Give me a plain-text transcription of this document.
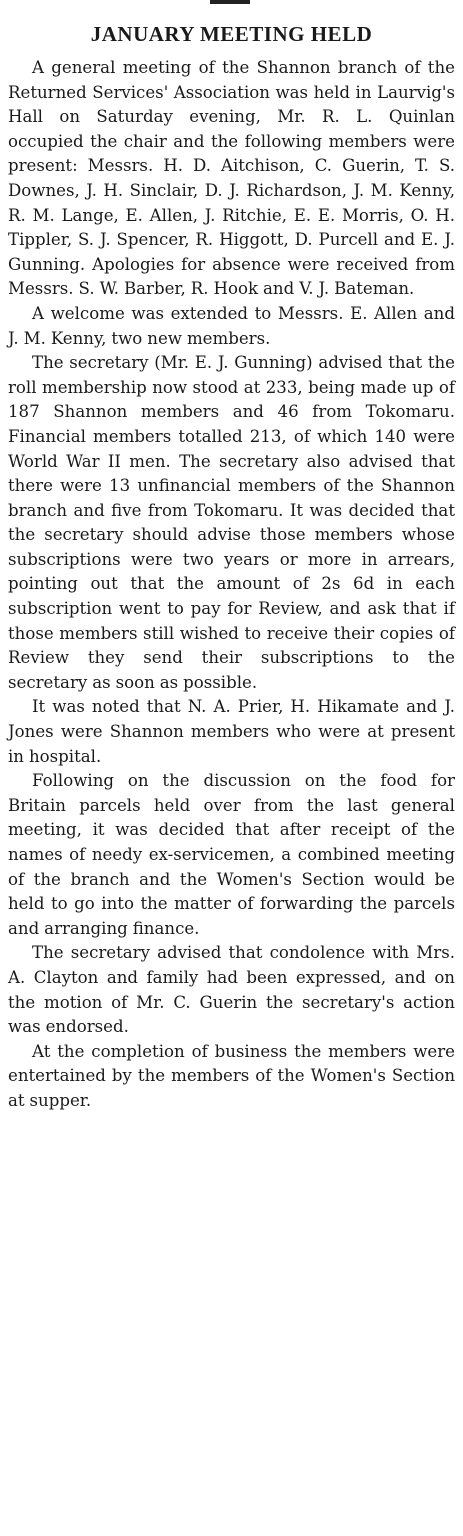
JANUARY MEETING HELD

A general meeting of the Shannon branch of the Returned Services' Association was held in Laurvig's Hall on Saturday evening, Mr. R. L. Quinlan occupied the chair and the following members were present: Messrs. H. D. Aitchison, C. Guerin, T. S. Downes, J. H. Sinclair, D. J. Richardson, J. M. Kenny, R. M. Lange, E. Allen, J. Ritchie, E. E. Morris, O. H. Tippler, S. J. Spencer, R. Higgott, D. Purcell and E. J. Gunning. Apologies for absence were received from Messrs. S. W. Barber, R. Hook and V. J. Bateman.

A welcome was extended to Messrs. E. Allen and J. M. Kenny, two new members.

The secretary (Mr. E. J. Gunning) advised that the roll membership now stood at 233, being made up of 187 Shannon members and 46 from Tokomaru. Financial members totalled 213, of which 140 were World War II men. The secretary also advised that there were 13 unfinancial members of the Shannon branch and five from Tokomaru. It was decided that the secretary should advise those members whose subscriptions were two years or more in arrears, pointing out that the amount of 2s 6d in each subscription went to pay for Review, and ask that if those members still wished to receive their copies of Review they send their subscriptions to the secretary as soon as possible.

It was noted that N. A. Prier, H. Hikamate and J. Jones were Shannon members who were at present in hospital.

Following on the discussion on the food for Britain parcels held over from the last general meeting, it was decided that after receipt of the names of needy ex-servicemen, a combined meeting of the branch and the Women's Section would be held to go into the matter of forwarding the parcels and arranging finance.

The secretary advised that condolence with Mrs. A. Clayton and family had been expressed, and on the motion of Mr. C. Guerin the secretary's action was endorsed.

At the completion of business the members were entertained by the members of the Women's Section at supper.
